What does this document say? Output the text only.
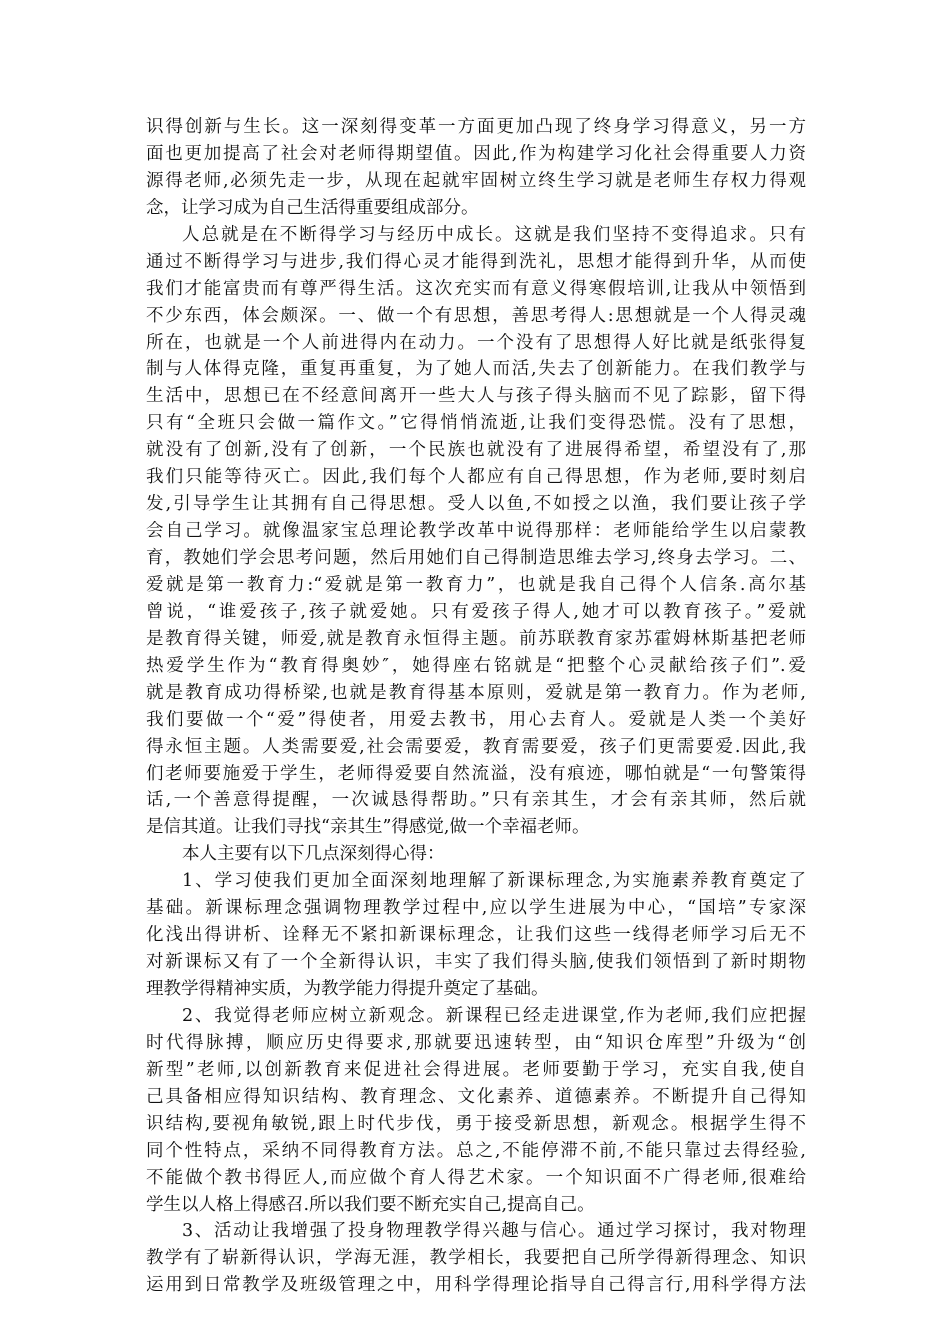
识得创新与生长。这一深刻得变革一方面更加凸现了终身学习得意义，另一方
面也更加提高了社会对老师得期望值。因此,作为构建学习化社会得重要人力资
源得老师,必须先走一步，从现在起就牢固树立终生学习就是老师生存权力得观
念，让学习成为自己生活得重要组成部分。
人总就是在不断得学习与经历中成长。这就是我们坚持不变得追求。只有
通过不断得学习与进步,我们得心灵才能得到洗礼，思想才能得到升华，从而使
我们才能富贵而有尊严得生活。这次充实而有意义得寒假培训,让我从中领悟到
不少东西，体会颇深。一、做一个有思想，善思考得人:思想就是一个人得灵魂
所在，也就是一个人前进得内在动力。一个没有了思想得人好比就是纸张得复
制与人体得克隆，重复再重复，为了她人而活,失去了创新能力。在我们教学与
生活中，思想已在不经意间离开一些大人与孩子得头脑而不见了踪影，留下得
只有“全班只会做一篇作文。”它得悄悄流逝,让我们变得恐慌。没有了思想，
就没有了创新,没有了创新，一个民族也就没有了进展得希望，希望没有了,那
我们只能等待灭亡。因此,我们每个人都应有自己得思想，作为老师,要时刻启
发,引导学生让其拥有自己得思想。受人以鱼,不如授之以渔，我们要让孩子学
会自己学习。就像温家宝总理论教学改革中说得那样：老师能给学生以启蒙教
育，教她们学会思考问题，然后用她们自己得制造思维去学习,终身去学习。二、
爱就是第一教育力:“爱就是第一教育力”，也就是我自己得个人信条.高尔基
曾说，“谁爱孩子,孩子就爱她。只有爱孩子得人,她才可以教育孩子。”爱就
是教育得关键，师爱,就是教育永恒得主题。前苏联教育家苏霍姆林斯基把老师
热爱学生作为“教育得奥妙″，她得座右铭就是“把整个心灵献给孩子们”.爱
就是教育成功得桥梁,也就是教育得基本原则，爱就是第一教育力。作为老师,
我们要做一个“爱”得使者，用爱去教书，用心去育人。爱就是人类一个美好
得永恒主题。人类需要爱,社会需要爱，教育需要爱，孩子们更需要爱.因此,我
们老师要施爱于学生，老师得爱要自然流溢，没有痕迹，哪怕就是“一句警策得
话,一个善意得提醒，一次诚恳得帮助。”只有亲其生，才会有亲其师，然后就
是信其道。让我们寻找“亲其生”得感觉,做一个幸福老师。
本人主要有以下几点深刻得心得：
1、学习使我们更加全面深刻地理解了新课标理念,为实施素养教育奠定了
基础。新课标理念强调物理教学过程中,应以学生进展为中心，“国培”专家深
化浅出得讲析、诠释无不紧扣新课标理念，让我们这些一线得老师学习后无不
对新课标又有了一个全新得认识，丰实了我们得头脑,使我们领悟到了新时期物
理教学得精神实质，为教学能力得提升奠定了基础。
2、我觉得老师应树立新观念。新课程已经走进课堂,作为老师,我们应把握
时代得脉搏，顺应历史得要求,那就要迅速转型，由“知识仓库型”升级为“创
新型”老师,以创新教育来促进社会得进展。老师要勤于学习，充实自我,使自
己具备相应得知识结构、教育理念、文化素养、道德素养。不断提升自己得知
识结构,要视角敏锐,跟上时代步伐，勇于接受新思想，新观念。根据学生得不
同个性特点，采纳不同得教育方法。总之,不能停滞不前,不能只靠过去得经验,
不能做个教书得匠人,而应做个育人得艺术家。一个知识面不广得老师,很难给
学生以人格上得感召.所以我们要不断充实自己,提高自己。
3、活动让我增强了投身物理教学得兴趣与信心。通过学习探讨，我对物理
教学有了崭新得认识，学海无涯，教学相长，我要把自己所学得新得理念、知识
运用到日常教学及班级管理之中，用科学得理论指导自己得言行,用科学得方法
